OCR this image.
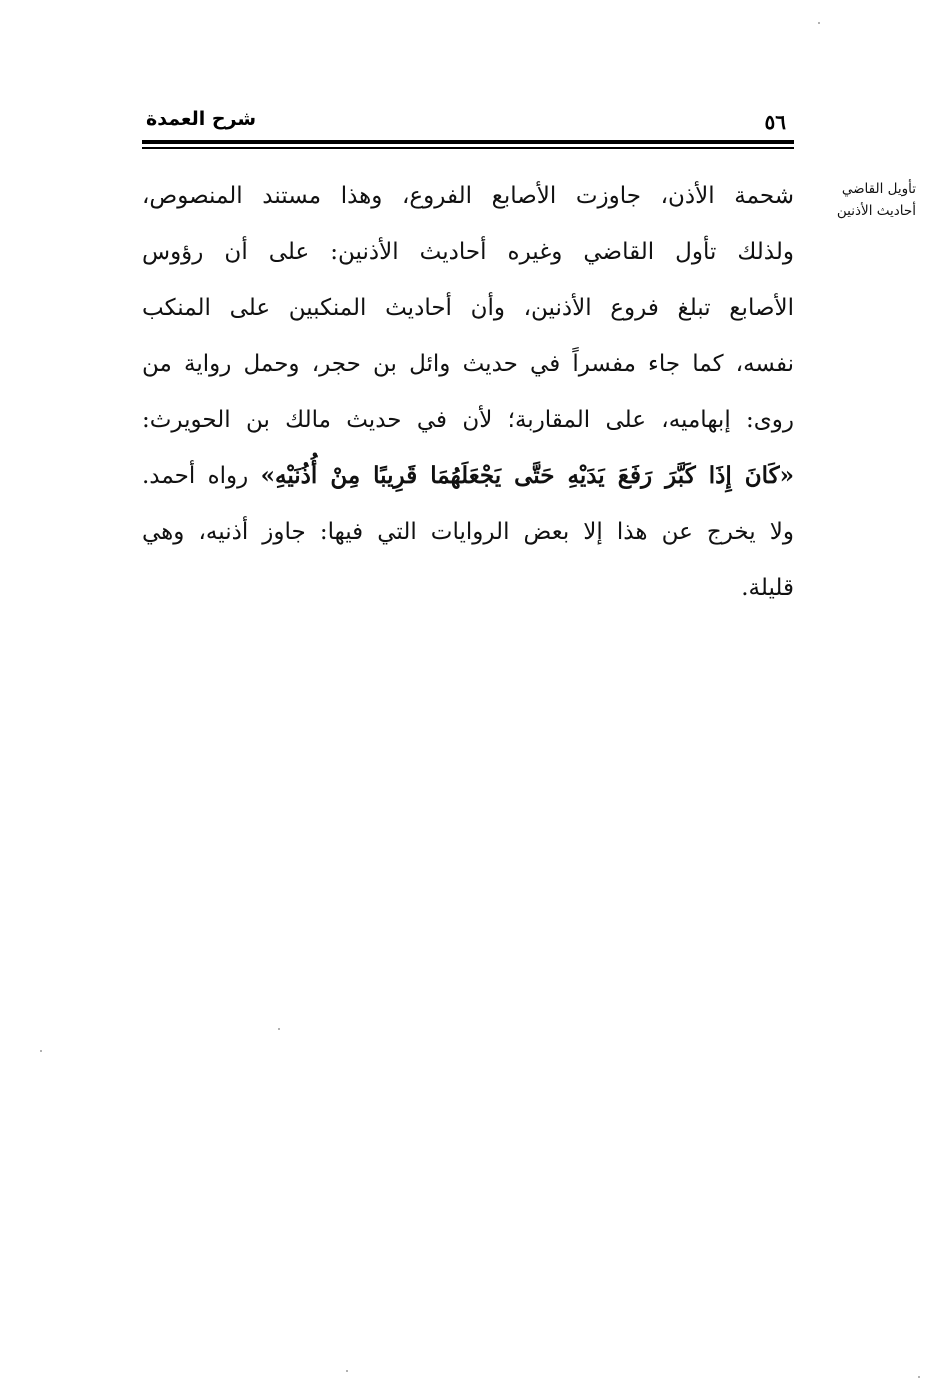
٥٦
شرح العمدة
تأويل القاضي
أحاديث الأذنين
شحمة الأذن، جاوزت الأصابع الفروع، وهذا مستند المنصوص،
ولذلك تأول القاضي وغيره أحاديث الأذنين: على أن رؤوس
الأصابع تبلغ فروع الأذنين، وأن أحاديث المنكبين على المنكب
نفسه، كما جاء مفسراً في حديث وائل بن حجر، وحمل رواية من
روى: إبهاميه، على المقاربة؛ لأن في حديث مالك بن الحويرث:
«كَانَ إِذَا كَبَّرَ رَفَعَ يَدَيْهِ حَتَّى يَجْعَلَهُمَا قَرِيبًا مِنْ أُذُنَيْهِ» رواه أحمد.
ولا يخرج عن هذا إلا بعض الروايات التي فيها: جاوز أذنيه، وهي
قليلة.
